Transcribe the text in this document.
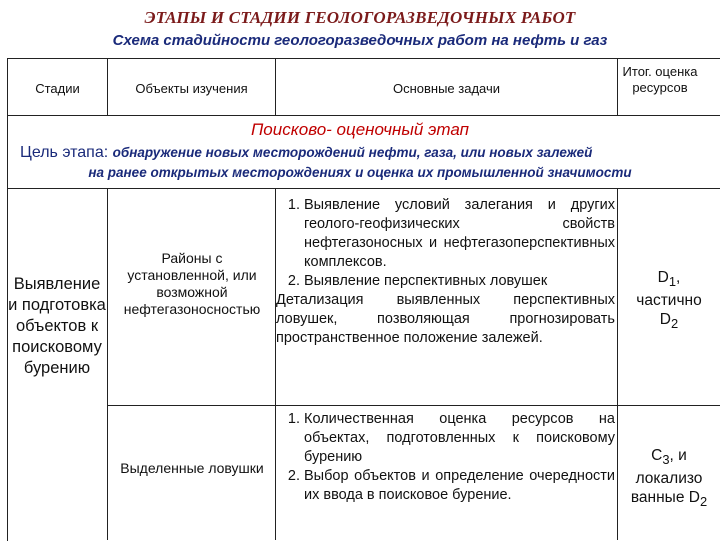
ЭТАПЫ И СТАДИИ ГЕОЛОГОРАЗВЕДОЧНЫХ РАБОТ
Схема стадийности геологоразведочных работ на нефть и газ
Стадии	Объекты изучения	Основные задачи
Итог. оценка ресурсов
Поисково- оценочный этап
Цель этапа: обнаружение новых месторождений нефти, газа, или новых залежей
на ранее открытых месторождениях и оценка их промышленной значимости
Выявление и подготовка объектов к поисковому бурению
Районы с установленной, или возможной нефтегазоносностью
1. Выявление условий залегания и других геолого-геофизических свойств нефтегазоносных и нефтегазоперспективных комплексов.
2. Выявление перспективных ловушек

Детализация выявленных перспективных ловушек, позволяющая прогнозировать пространственное положение залежей.

$D_1$,
частично
$D_2$
Выделенные ловушки
1. Количественная оценка ресурсов на объектах, подготовленных к поисковому бурению
2. Выбор объектов и определение очередности их ввода в поисковое бурение.
$C_3$, и
локализо
ванные $D_2$
